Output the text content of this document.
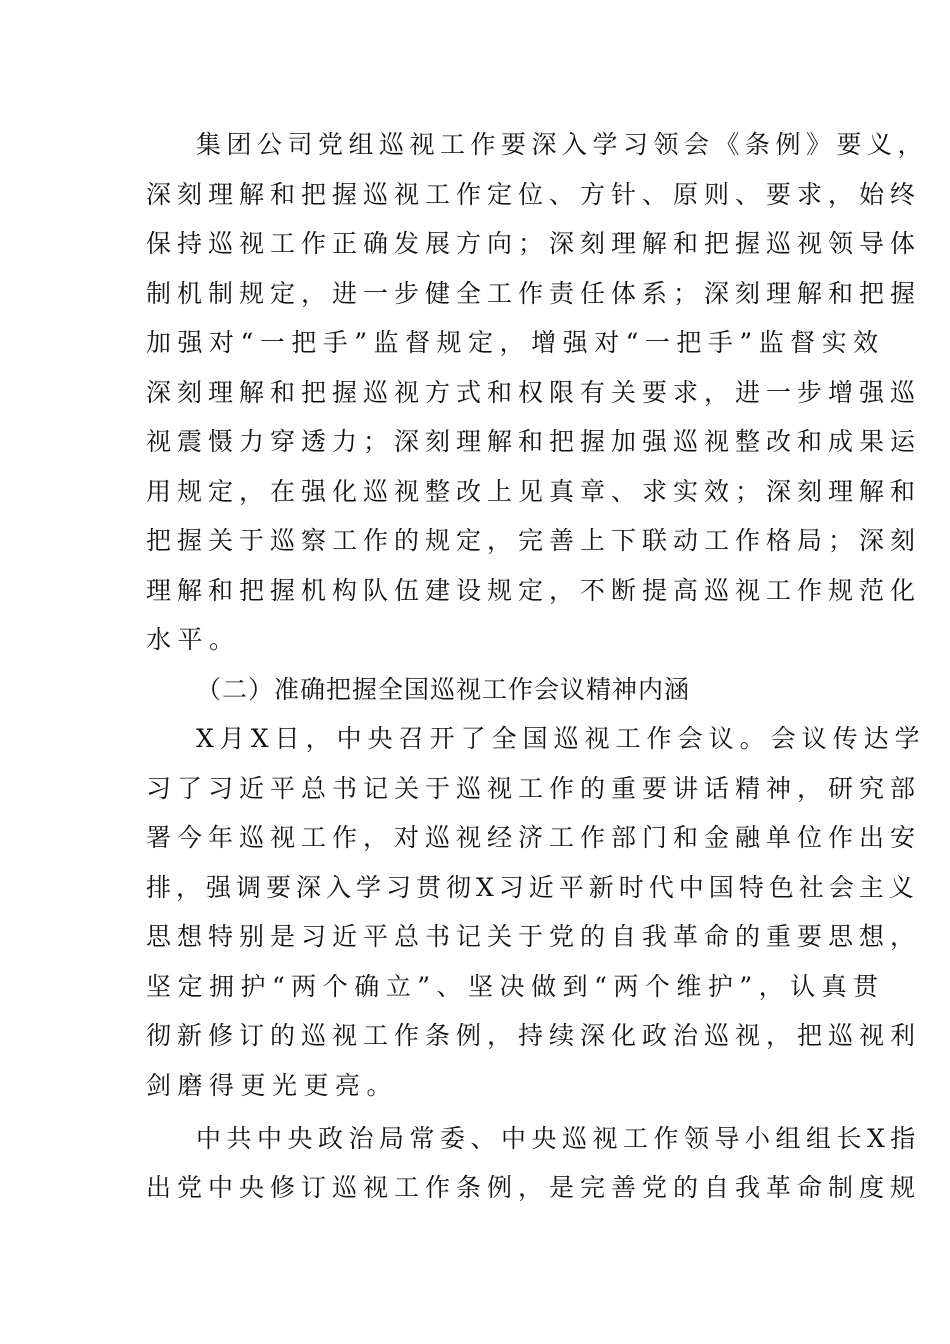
集团公司党组巡视工作要深入学习领会《条例》要义，
深刻理解和把握巡视工作定位、方针、原则、要求，始终
保持巡视工作正确发展方向；深刻理解和把握巡视领导体
制机制规定，进一步健全工作责任体系；深刻理解和把握
加强对“一把手”监督规定，增强对“一把手”监督实效
深刻理解和把握巡视方式和权限有关要求，进一步增强巡
视震慑力穿透力；深刻理解和把握加强巡视整改和成果运
用规定，在强化巡视整改上见真章、求实效；深刻理解和
把握关于巡察工作的规定，完善上下联动工作格局；深刻
理解和把握机构队伍建设规定，不断提高巡视工作规范化
水平。
（二）准确把握全国巡视工作会议精神内涵
X月X日，中央召开了全国巡视工作会议。会议传达学
习了习近平总书记关于巡视工作的重要讲话精神，研究部
署今年巡视工作，对巡视经济工作部门和金融单位作出安
排，强调要深入学习贯彻X习近平新时代中国特色社会主义
思想特别是习近平总书记关于党的自我革命的重要思想，
坚定拥护“两个确立”、坚决做到“两个维护”，认真贯
彻新修订的巡视工作条例，持续深化政治巡视，把巡视利
剑磨得更光更亮。
中共中央政治局常委、中央巡视工作领导小组组长X指
出党中央修订巡视工作条例，是完善党的自我革命制度规
